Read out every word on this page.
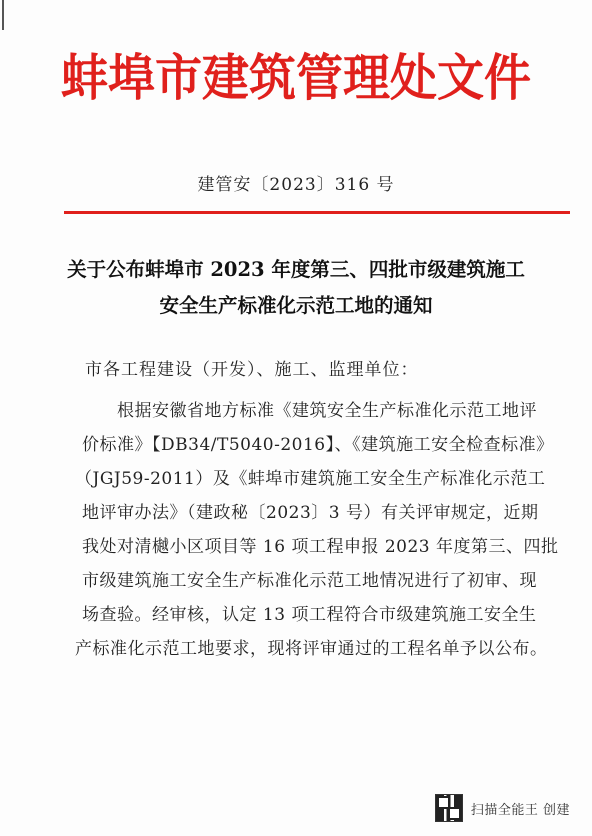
蚌埠市建筑管理处文件
建管安〔2023〕316 号
关于公布蚌埠市 2023 年度第三、四批市级建筑施工
安全生产标准化示范工地的通知
市各工程建设（开发）、施工、监理单位：
根据安徽省地方标准《建筑安全生产标准化示范工地评
价标准》【DB34/T5040-2016】、《建筑施工安全检查标准》
（JGJ59-2011）及《蚌埠市建筑施工安全生产标准化示范工
地评审办法》（建政秘〔2023〕3 号）有关评审规定，近期
我处对清樾小区项目等 16 项工程申报 2023 年度第三、四批
市级建筑施工安全生产标准化示范工地情况进行了初审、现
场查验。经审核，认定 13 项工程符合市级建筑施工安全生
产标准化示范工地要求，现将评审通过的工程名单予以公布。
扫描全能王 创建
